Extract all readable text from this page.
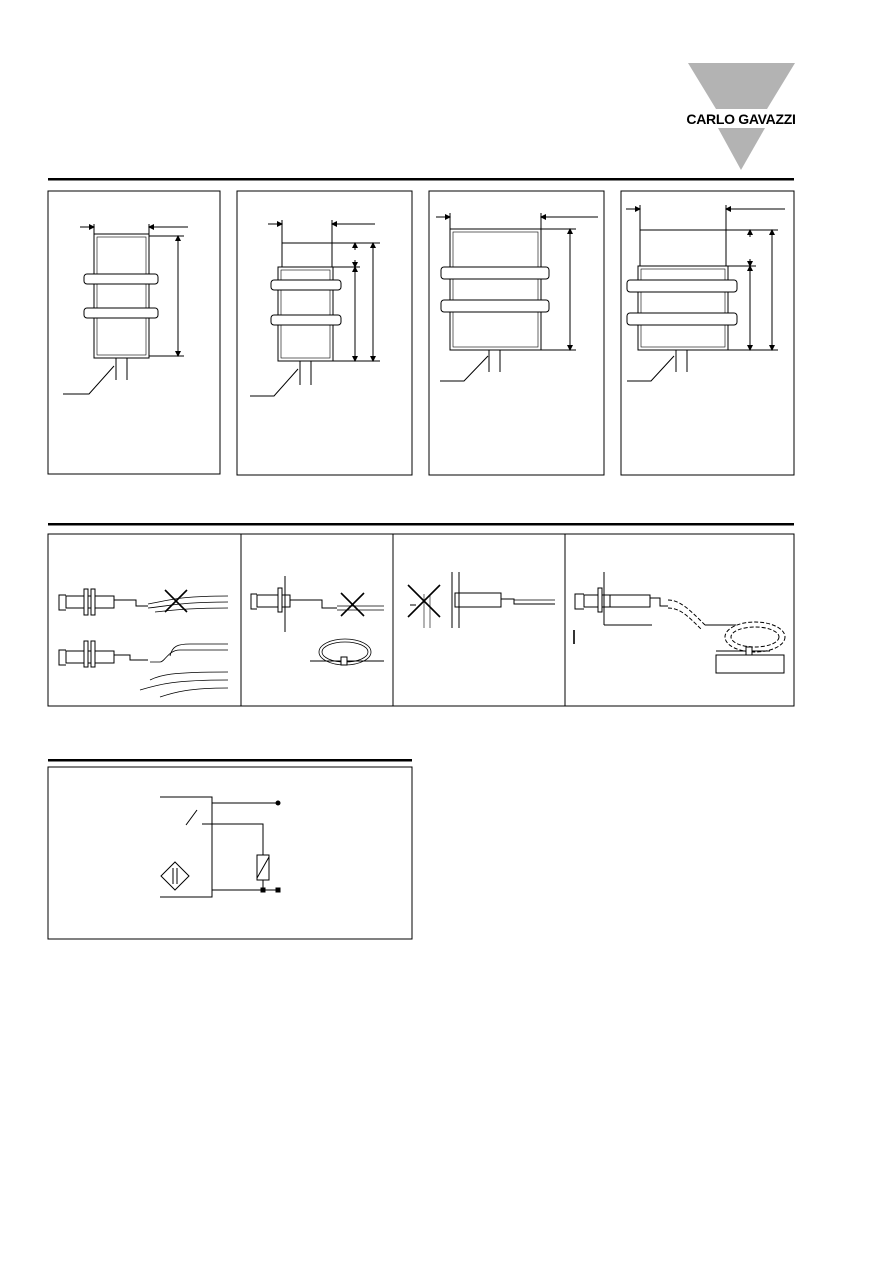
CARLO GAVAZZI
